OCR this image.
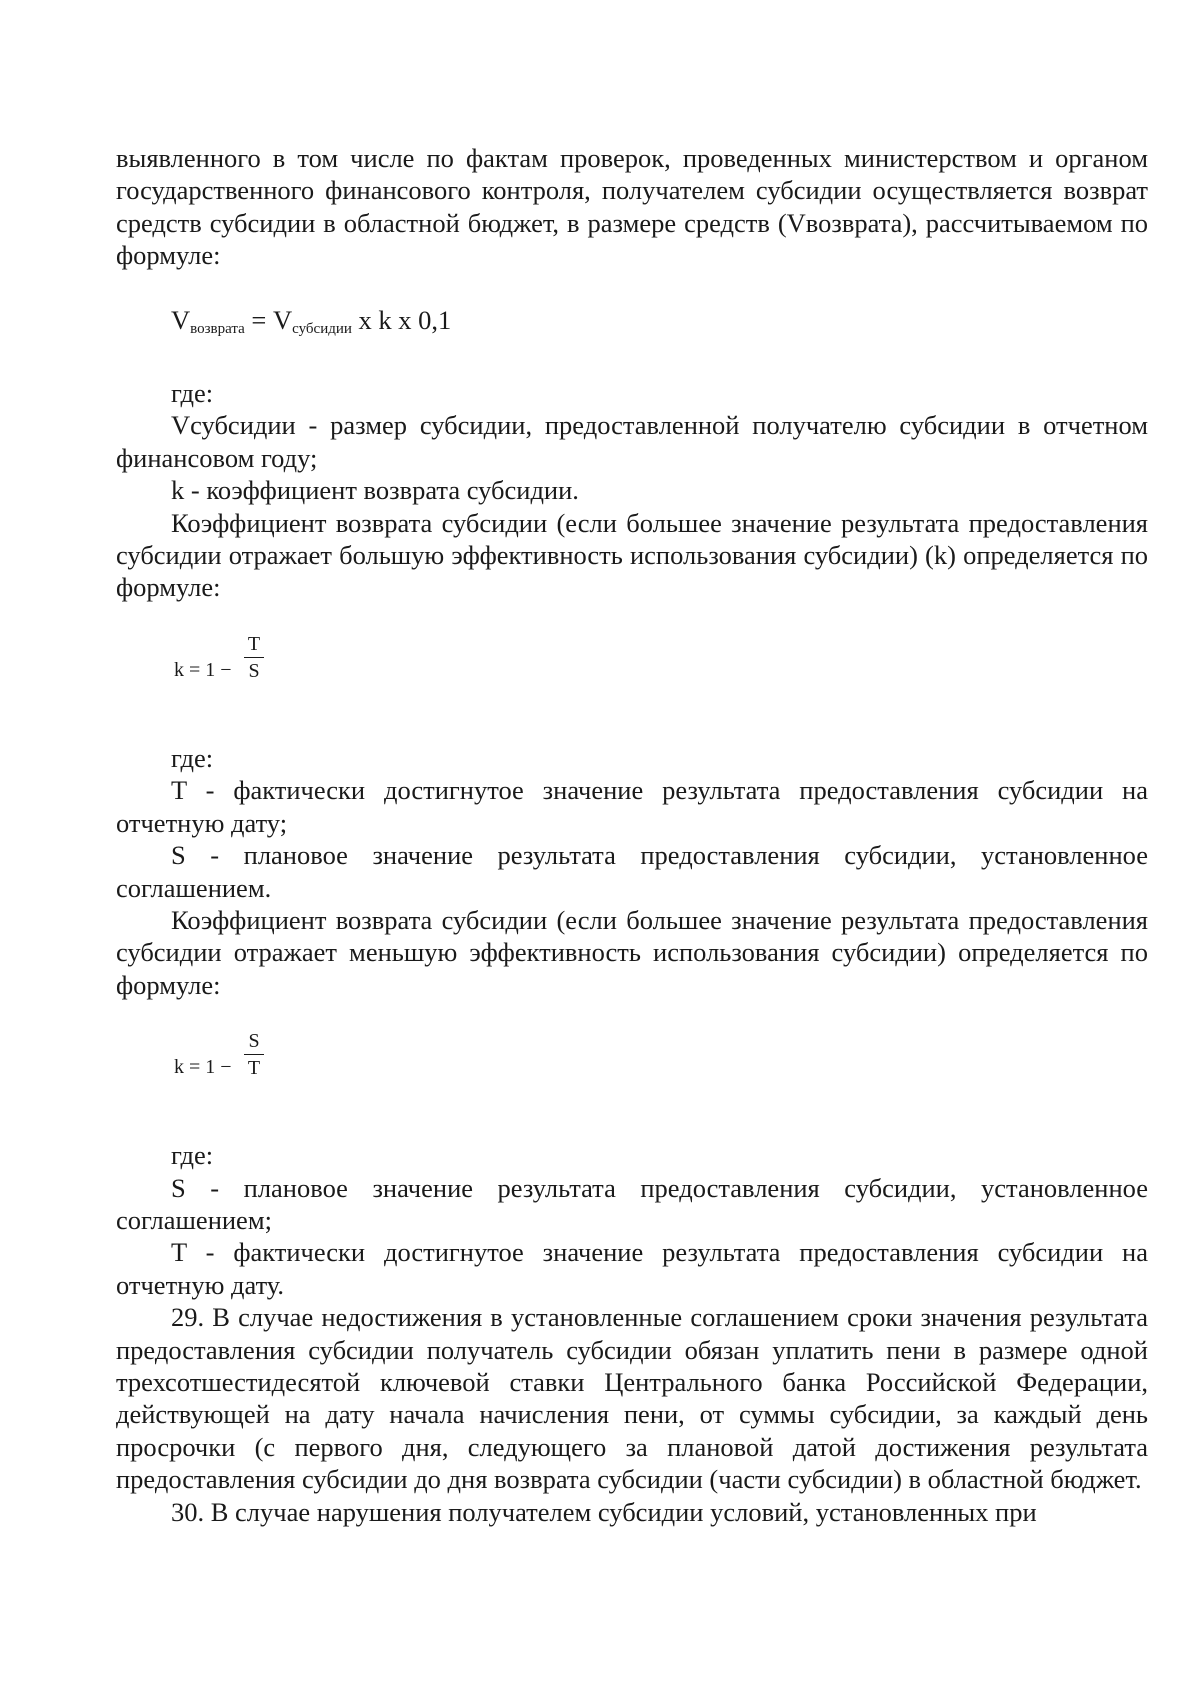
выявленного в том числе по фактам проверок, проведенных министерством и органом государственного финансового контроля, получателем субсидии осуществляется возврат средств субсидии в областной бюджет, в размере средств (Vвозврата), рассчитываемом по формуле:

$V_{возврата} = V_{субсидии}$ x k x 0,1

где:

Vсубсидии - размер субсидии, предоставленной получателю субсидии в отчетном финансовом году;

k - коэффициент возврата субсидии.

Коэффициент возврата субсидии (если большее значение результата предоставления субсидии отражает большую эффективность использования субсидии) (k) определяется по формуле:

k = 1 −
T
S

где:

T - фактически достигнутое значение результата предоставления субсидии на отчетную дату;

S - плановое значение результата предоставления субсидии, установленное соглашением.

Коэффициент возврата субсидии (если большее значение результата предоставления субсидии отражает меньшую эффективность использования субсидии) определяется по формуле:

k = 1 −
S
T

где:

S - плановое значение результата предоставления субсидии, установленное соглашением;

T - фактически достигнутое значение результата предоставления субсидии на отчетную дату.

29. В случае недостижения в установленные соглашением сроки значения результата предоставления субсидии получатель субсидии обязан уплатить пени в размере одной трехсотшестидесятой ключевой ставки Центрального банка Российской Федерации, действующей на дату начала начисления пени, от суммы субсидии, за каждый день просрочки (с первого дня, следующего за плановой датой достижения результата предоставления субсидии до дня возврата субсидии (части субсидии) в областной бюджет.

30. В случае нарушения получателем субсидии условий, установленных при
